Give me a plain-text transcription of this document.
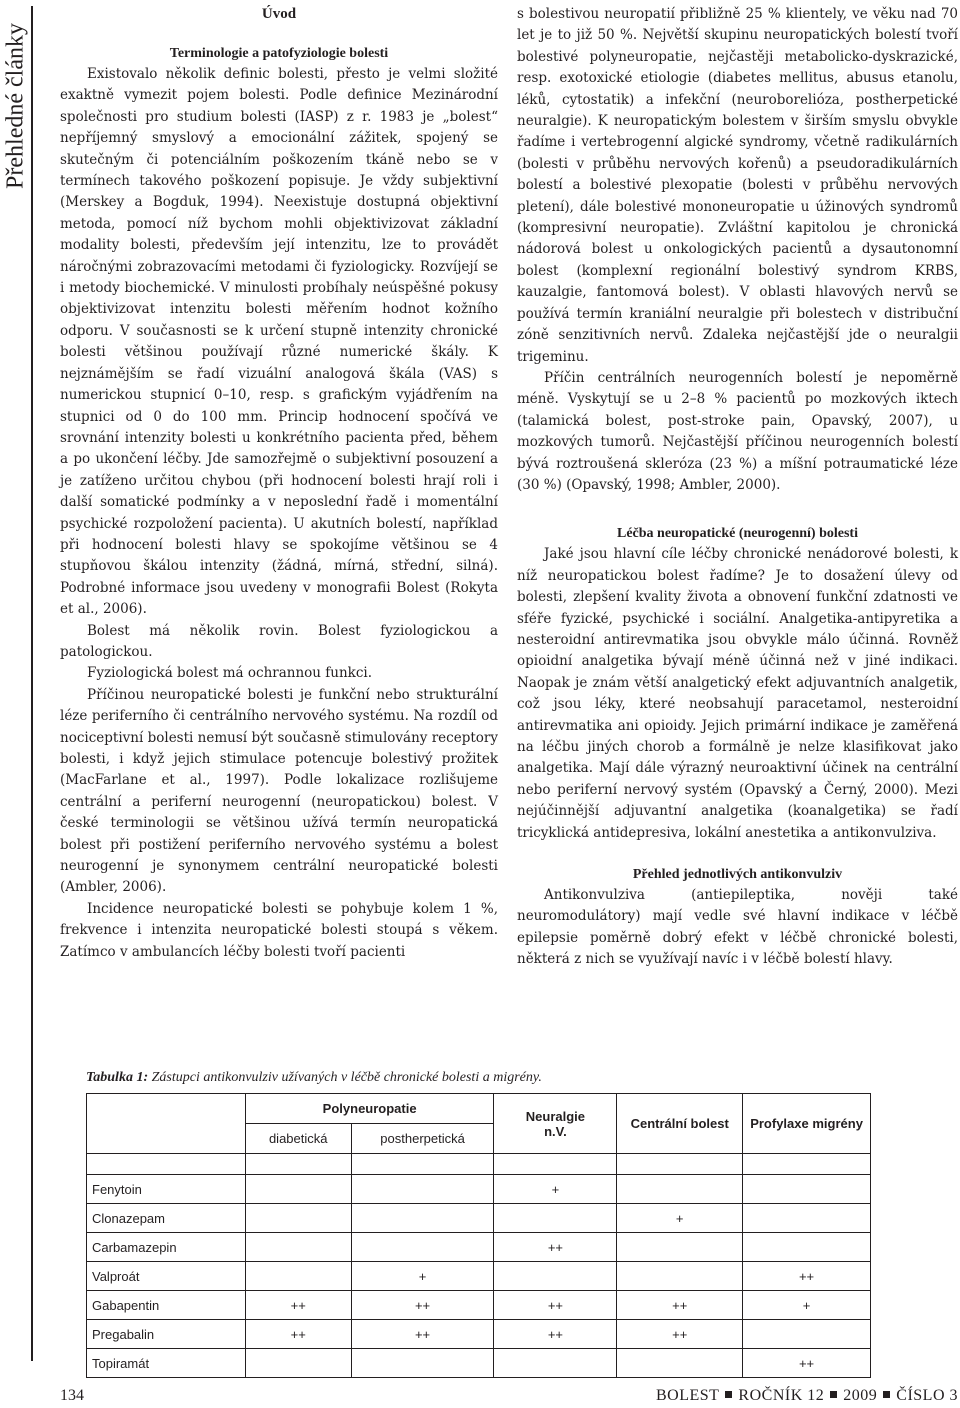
Přehledné články
Úvod
Terminologie a patofyziologie bolesti

Existovalo několik definic bolesti, přesto je velmi složité exaktně vymezit pojem bolesti. Podle definice Mezinárodní společnosti pro studium bolesti (IASP) z r. 1983 je „bolest“ nepříjemný smyslový a emocionální zážitek, spojený se skutečným či potenciálním poškozením tkáně nebo se v termínech takového poškození popisuje. Je vždy subjektivní (Merskey a Bogduk, 1994). Neexistuje dostupná objektivní metoda, pomocí níž bychom mohli objektivizovat základní modality bolesti, především její intenzitu, lze to provádět náročnými zobrazovacími metodami či fyziologicky. Rozvíjejí se i metody biochemické. V minulosti probíhaly neúspěšné pokusy objektivizovat intenzitu bolesti měřením hodnot kožního odporu. V současnosti se k určení stupně intenzity chronické bolesti většinou používají různé numerické škály. K nejznámějším se řadí vizuální analogová škála (VAS) s numerickou stupnicí 0–10, resp. s grafickým vyjádřením na stupnici od 0 do 100 mm. Princip hodnocení spočívá ve srovnání intenzity bolesti u konkrétního pacienta před, během a po ukončení léčby. Jde samozřejmě o subjektivní posouzení a je zatíženo určitou chybou (při hodnocení bolesti hrají roli i další somatické podmínky a v neposlední řadě i momentální psychické rozpoložení pacienta). U akutních bolestí, například při hodnocení bolesti hlavy se spokojíme většinou se 4 stupňovou škálou intenzity (žádná, mírná, střední, silná). Podrobné informace jsou uvedeny v monografii Bolest (Rokyta et al., 2006).

Bolest má několik rovin. Bolest fyziologickou a patologickou.

Fyziologická bolest má ochrannou funkci.

Příčinou neuropatické bolesti je funkční nebo strukturální léze periferního či centrálního nervového systému. Na rozdíl od nociceptivní bolesti nemusí být současně stimulovány receptory bolesti, i když jejich stimulace potencuje bolestivý prožitek (MacFarlane et al., 1997). Podle lokalizace rozlišujeme centrální a periferní neurogenní (neuropatickou) bolest. V české terminologii se většinou užívá termín neuropatická bolest při postižení periferního nervového systému a bolest neurogenní je synonymem centrální neuropatické bolesti (Ambler, 2006).

Incidence neuropatické bolesti se pohybuje kolem 1 %, frekvence i intenzita neuropatické bolesti stoupá s věkem. Zatímco v ambulancích léčby bolesti tvoří pacienti

s bolestivou neuropatií přibližně 25 % klientely, ve věku nad 70 let je to již 50 %. Největší skupinu neuropatických bolestí tvoří bolestivé polyneuropatie, nejčastěji metabolicko-dyskrazické, resp. exotoxické etiologie (diabetes mellitus, abusus etanolu, léků, cytostatik) a infekční (neuroborelióza, postherpetické neuralgie). K neuropatickým bolestem v širším smyslu obvykle řadíme i vertebrogenní algické syndromy, včetně radikulárních (bolesti v průběhu nervových kořenů) a pseudoradikulárních bolestí a bolestivé plexopatie (bolesti v průběhu nervových pletení), dále bolestivé mononeuropatie u úžinových syndromů (kompresivní neuropatie). Zvláštní kapitolou je chronická nádorová bolest u onkologických pacientů a dysautonomní bolest (komplexní regionální bolestivý syndrom KRBS, kauzalgie, fantomová bolest). V oblasti hlavových nervů se používá termín kraniální neuralgie při bolestech v distribuční zóně senzitivních nervů. Zdaleka nejčastější jde o neuralgii trigeminu.

Příčin centrálních neurogenních bolestí je nepoměrně méně. Vyskytují se u 2–8 % pacientů po mozkových iktech (talamická bolest, post-stroke pain, Opavský, 2007), u mozkových tumorů. Nejčastější příčinou neurogenních bolestí bývá roztroušená skleróza (23 %) a míšní potraumatické léze (30 %) (Opavský, 1998; Ambler, 2000).

Léčba neuropatické (neurogenní) bolesti

Jaké jsou hlavní cíle léčby chronické nenádorové bolesti, k níž neuropatickou bolest řadíme? Je to dosažení úlevy od bolesti, zlepšení kvality života a obnovení funkční zdatnosti ve sféře fyzické, psychické i sociální. Analgetika-antipyretika a nesteroidní antirevmatika jsou obvykle málo účinná. Rovněž opioidní analgetika bývají méně účinná než v jiné indikaci. Naopak je znám větší analgetický efekt adjuvantních analgetik, což jsou léky, které neobsahují paracetamol, nesteroidní antirevmatika ani opioidy. Jejich primární indikace je zaměřená na léčbu jiných chorob a formálně je nelze klasifikovat jako analgetika. Mají dále výrazný neuroaktivní účinek na centrální nebo periferní nervový systém (Opavský a Černý, 2000). Mezi nejúčinnější adjuvantní analgetika (koanalgetika) se řadí tricyklická antidepresiva, lokální anestetika a antikonvulziva.

Přehled jednotlivých antikonvulziv

Antikonvulziva (antiepileptika, nověji také neuromodulátory) mají vedle své hlavní indikace v léčbě epilepsie poměrně dobrý efekt v léčbě chronické bolesti, některá z nich se využívají navíc i v léčbě bolestí hlavy.

Tabulka 1: Zástupci antikonvulziv užívaných v léčbě chronické bolesti a migrény.
	Polyneuropatie		Neuralgie n.V.	Centrální bolest	Profylaxe migrény
	diabetická	postherpetická			

Fenytoin			+		
Clonazepam				+	
Carbamazepin			++		
Valproát		+			++
Gabapentin	++	++	++	++	+
Pregabalin	++	++	++	++	
Topiramát					++
134	BOLEST ROČNÍK 12 2009 ČÍSLO 3
